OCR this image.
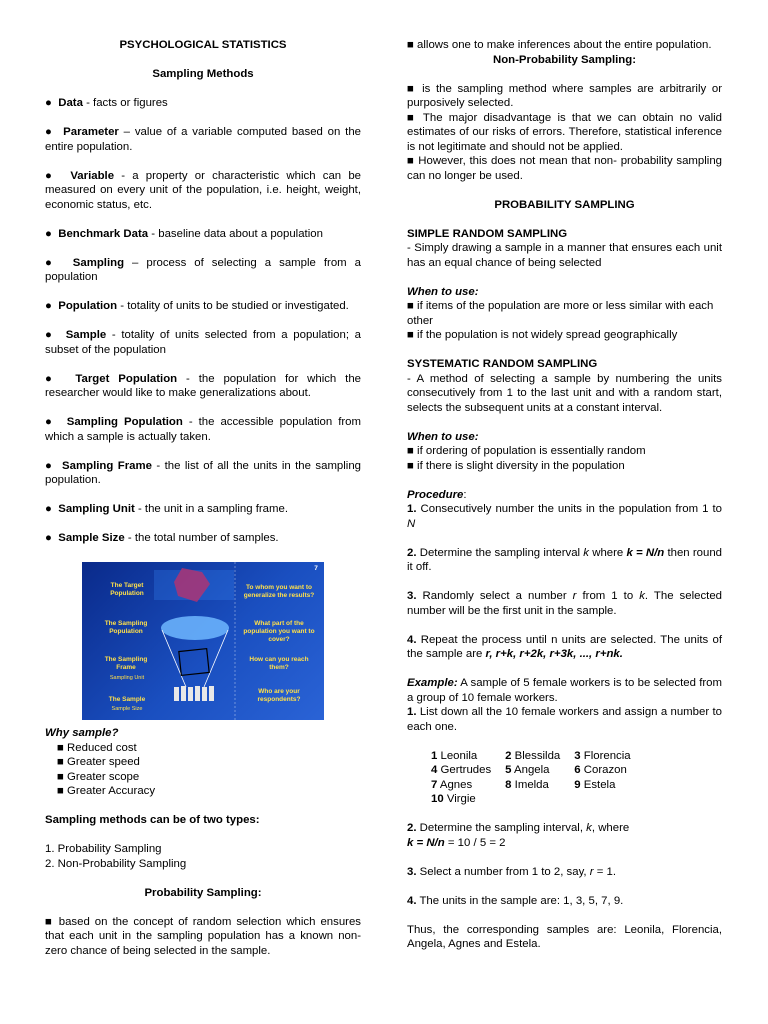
PSYCHOLOGICAL STATISTICS

Sampling Methods

●  Data - facts or figures

●  Parameter – value of a variable computed based on the entire population.

●  Variable - a property or characteristic which can be measured on every unit of the population, i.e. height, weight, economic status, etc.

●  Benchmark Data - baseline data about a population

●  Sampling – process of selecting a sample from a population

●  Population - totality of units to be studied or investigated.

●  Sample - totality of units selected from a population; a subset of the population

●  Target Population - the population for which the researcher would like to make generalizations about.

●  Sampling Population - the accessible population from which a sample is actually taken.

●  Sampling Frame - the list of all the units in the sampling population.

●  Sampling Unit - the unit in a sampling frame.

●  Sample Size - the total number of samples.

The Target Population
The Sampling Population
The Sampling Frame
Sampling Unit
The Sample
Sample Size
To whom you want to generalize the results?
What part of the population you want to cover?
How can you reach them?
Who are your respondents?
7

Why sample?

■ Reduced cost

■ Greater speed

■ Greater scope

■ Greater Accuracy

Sampling methods can be of two types:

1. Probability Sampling

2. Non-Probability Sampling

Probability Sampling:

■ based on the concept of random selection which ensures that each unit in the sampling population has a known non-zero chance of being selected in the sample.

■ allows one to make inferences about the entire population.

Non-Probability Sampling:

■ is the sampling method where samples are arbitrarily or purposively selected.

■ The major disadvantage is that we can obtain no valid estimates of our risks of errors. Therefore, statistical inference is not legitimate and should not be applied.

■ However, this does not mean that non- probability sampling can no longer be used.

PROBABILITY SAMPLING

SIMPLE RANDOM SAMPLING

- Simply drawing a sample in a manner that ensures each unit has an equal chance of being selected

When to use:

■ if items of the population are more or less similar with each other

■ if the population is not widely spread geographically

SYSTEMATIC RANDOM SAMPLING

- A method of selecting a sample by numbering the units consecutively from 1 to the last unit and with a random start, selects the subsequent units at a constant interval.

When to use:

■ if ordering of population is essentially random

■ if there is slight diversity in the population

Procedure:

1. Consecutively number the units in the population from 1 to N

2. Determine the sampling interval k where k = N/n then round it off.

3. Randomly select a number r from 1 to k. The selected number will be the first unit in the sample.

4. Repeat the process until n units are selected. The units of the sample are r, r+k, r+2k, r+3k, ..., r+nk.

Example: A sample of 5 female workers is to be selected from a group of 10 female workers.

1. List down all the 10 female workers and assign a number to each one.

1 Leonila	2 Blessilda	3 Florencia
4 Gertrudes	5 Angela	6 Corazon
7 Agnes	8 Imelda	9 Estela
10 Virgie		

2. Determine the sampling interval, k, where

k = N/n = 10 / 5 = 2

3. Select a number from 1 to 2, say, r = 1.

4. The units in the sample are: 1, 3, 5, 7, 9.

Thus, the corresponding samples are: Leonila, Florencia, Angela, Agnes and Estela.
